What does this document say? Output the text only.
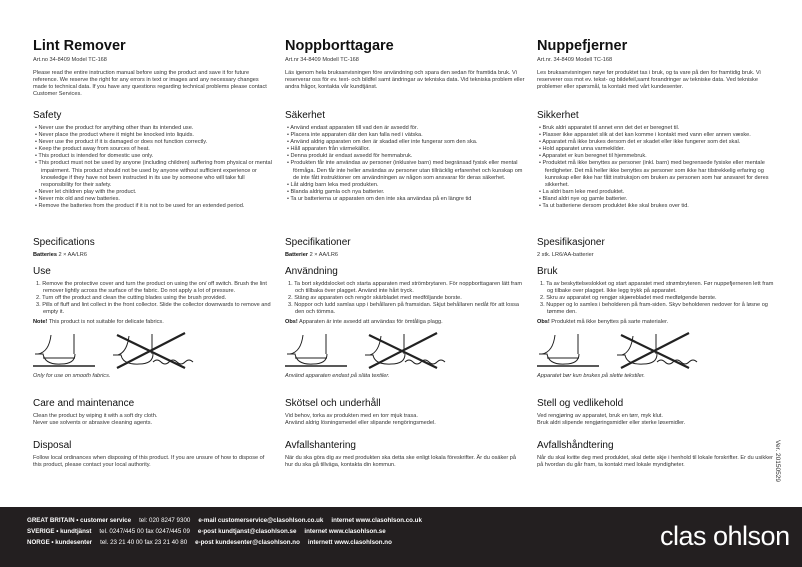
Lint Remover
Art.no 34-8409 Model TC-168

Please read the entire instruction manual before using the product and save it for future reference. We reserve the right for any errors in text or images and any necessary changes made to technical data. If you have any questions regarding technical problems please contact Customer Services.

Safety
• Never use the product for anything other than its intended use.
• Never place the product where it might be knocked into liquids.
• Never use the product if it is damaged or does not function correctly.
• Keep the product away from sources of heat.
• This product is intended for domestic use only.
• This product must not be used by anyone (including children) suffering from physical or mental impairment. This product should not be used by anyone without sufficient experience or knowledge if they have not been instructed in its use by someone who will take full responsibility for their safety.
• Never let children play with the product.
• Never mix old and new batteries.
• Remove the batteries from the product if it is not to be used for an extended period.
Specifications

Batteries 2 × AA/LR6

Use
1. Remove the protective cover and turn the product on using the on/ off switch. Brush the lint remover lightly across the surface of the fabric. Do not apply a lot of pressure.
2. Turn off the product and clean the cutting blades using the brush provided.
3. Pills of fluff and lint collect in the front collector. Slide the collector downwards to remove and empty it.

Note! This product is not suitable for delicate fabrics.

Only for use on smooth fabrics.

Care and maintenance

Clean the product by wiping it with a soft dry cloth.

Never use solvents or abrasive cleaning agents.

Disposal

Follow local ordinances when disposing of this product. If you are unsure of how to dispose of this product, please contact your local authority.

Noppborttagare
Art.nr 34-8409 Modell TC-168

Läs igenom hela bruksanvisningen före användning och spara den sedan för framtida bruk. Vi reserverar oss för ev. text- och bildfel samt ändringar av tekniska data. Vid tekniska problem eller andra frågor, kontakta vår kundtjänst.

Säkerhet
• Använd endast apparaten till vad den är avsedd för.
• Placera inte apparaten där den kan falla ned i vätska.
• Använd aldrig apparaten om den är skadad eller inte fungerar som den ska.
• Håll apparaten från värmekällor.
• Denna produkt är endast avsedd för hemmabruk.
• Produkten får inte användas av personer (inklusive barn) med begränsad fysisk eller mental förmåga. Den får inte heller användas av personer utan tillräcklig erfarenhet och kunskap om de inte fått instruktioner om användningen av någon som ansvarar för deras säkerhet.
• Låt aldrig barn leka med produkten.
• Blanda aldrig gamla och nya batterier.
• Ta ur batterierna ur apparaten om den inte ska användas på en längre tid
Specifikationer

Batterier 2 × AA/LR6

Användning
1. Ta bort skyddslocket och starta apparaten med strömbrytaren. För noppborttagaren lätt fram och tillbaka över plagget. Använd inte hårt tryck.
2. Stäng av apparaten och rengör skärbladet med medföljande borste.
3. Noppor och ludd samlas upp i behållaren på framsidan. Skjut behållaren nedåt för att lossa den och tömma.

Obs! Apparaten är inte avsedd att användas för ömtåliga plagg.

Använd apparaten endast på släta textiler.

Skötsel och underhåll

Vid behov, torka av produkten med en torr mjuk trasa.

Använd aldrig lösningsmedel eller slipande rengöringsmedel.

Avfallshantering

När du ska göra dig av med produkten ska detta ske enligt lokala föreskrifter. Är du osäker på hur du ska gå tillväga, kontakta din kommun.

Nuppefjerner
Art.nr. 34-8409 Modell TC-168

Les bruksanvisningen nøye før produktet tas i bruk, og ta vare på den for framtidig bruk. Vi reserverer oss mot ev. tekst- og bildefeil,samt forandringer av tekniske data. Ved tekniske problemer eller spørsmål, ta kontakt med vårt kundesenter.

Sikkerhet
• Bruk aldri apparatet til annet enn det det er beregnet til.
• Plasser ikke apparatet slik at det kan komme i kontakt med vann eller annen væske.
• Apparatet må ikke brukes dersom det er skadet eller ikke fungerer som det skal.
• Hold apparatet unna varmekilder.
• Apparatet er kun beregnet til hjemmebruk.
• Produktet må ikke benyttes av personer (inkl. barn) med begrensede fysiske eller mentale ferdigheter. Det må heller ikke benyttes av personer som ikke har tilstrekkelig erfaring og kunnskap eller ikke har fått instruksjon om bruken av personen som har ansvaret for deres sikkerhet.
• La aldri barn leke med produktet.
• Bland aldri nye og gamle batterier.
• Ta ut batteriene dersom produktet ikke skal brukes over tid.
Spesifikasjoner

2 stk. LR6/AA-batterier

Bruk
1. Ta av beskyttelseslokket og start apparatet med strømbryteren. Før nuppefjerneren lett fram og tilbake over plagget. Ikke legg trykk på apparatet.
2. Skru av apparatet og rengjør skjærebladet med medfølgende børste.
3. Nupper og lo samles i beholderen på fram-siden. Skyv beholderen nedover for å løsne og tømme den.

Obs! Produktet må ikke benyttes på sarte materialer.

Apparatet bør kun brukes på slette tekstiler.

Stell og vedlikehold

Ved rengjøring av apparatet, bruk en tørr, myk klut.

Bruk aldri slipende rengjøringsmidler eller sterke løsemidler.

Avfallshåndtering

Når du skal kvitte deg med produktet, skal dette skje i henhold til lokale forskrifter. Er du usikker på hvordan du går fram, ta kontakt med lokale myndigheter.	Ver. 20150529
GREAT BRITAIN • customer service tel: 020 8247 9300 e-mail customerservice@clasohlson.co.uk internet www.clasohlson.co.uk
SVERIGE • kundtjänst tel. 0247/445 00 fax 0247/445 09 e-post kundtjanst@clasohlson.se internet www.clasohlson.se
NORGE • kundesenter tel. 23 21 40 00 fax 23 21 40 80 e-post kundesenter@clasohlson.no internett www.clasohlson.no	clas ohlson
